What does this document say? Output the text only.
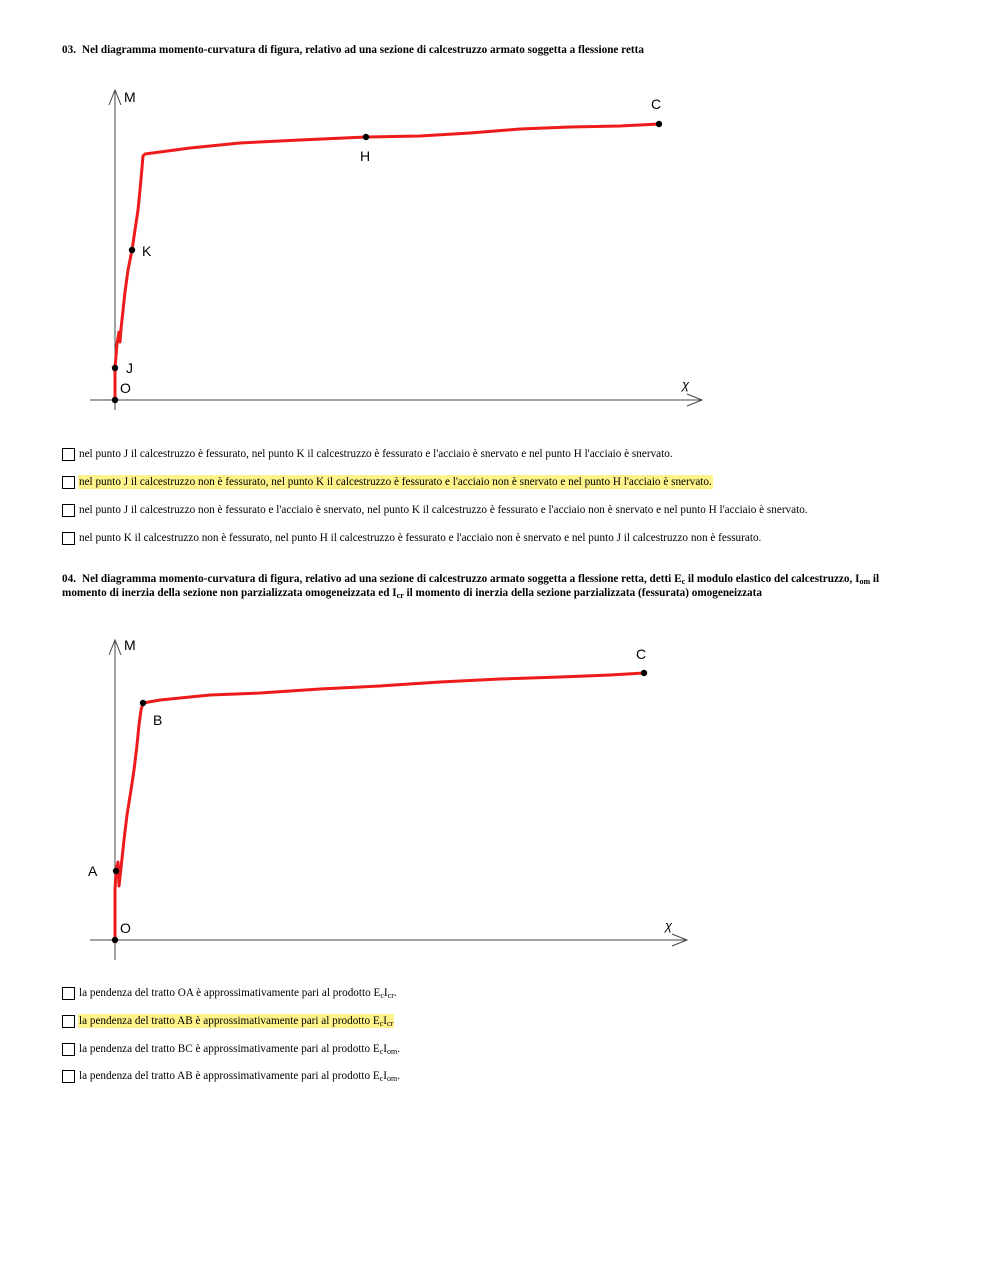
03. Nel diagramma momento-curvatura di figura, relativo ad una sezione di calcestruzzo armato soggetta a flessione retta
M
χ
O
J
K
H
C
nel punto J il calcestruzzo è fessurato, nel punto K il calcestruzzo è fessurato e l'acciaio è snervato e nel punto H l'acciaio è snervato.
nel punto J il calcestruzzo non è fessurato, nel punto K il calcestruzzo è fessurato e l'acciaio non è snervato e nel punto H l'acciaio è snervato.
nel punto J il calcestruzzo non è fessurato e l'acciaio è snervato, nel punto K il calcestruzzo è fessurato e l'acciaio non è snervato e nel punto H l'acciaio è snervato.
nel punto K il calcestruzzo non è fessurato, nel punto H il calcestruzzo è fessurato e l'acciaio non è snervato e nel punto J il calcestruzzo non è fessurato.
04. Nel diagramma momento-curvatura di figura, relativo ad una sezione di calcestruzzo armato soggetta a flessione retta, detti $E_c$ il modulo elastico del calcestruzzo, $I_{om}$ il momento di inerzia della sezione non parzializzata omogeneizzata ed $I_{cr}$ il momento di inerzia della sezione parzializzata (fessurata) omogeneizzata
M
χ
O
A
B
C
la pendenza del tratto OA è approssimativamente pari al prodotto $E_cI_{cr}$.
la pendenza del tratto AB è approssimativamente pari al prodotto $E_cI_{cr}$
la pendenza del tratto BC è approssimativamente pari al prodotto $E_cI_{om}$.
la pendenza del tratto AB è approssimativamente pari al prodotto $E_cI_{om}$.
